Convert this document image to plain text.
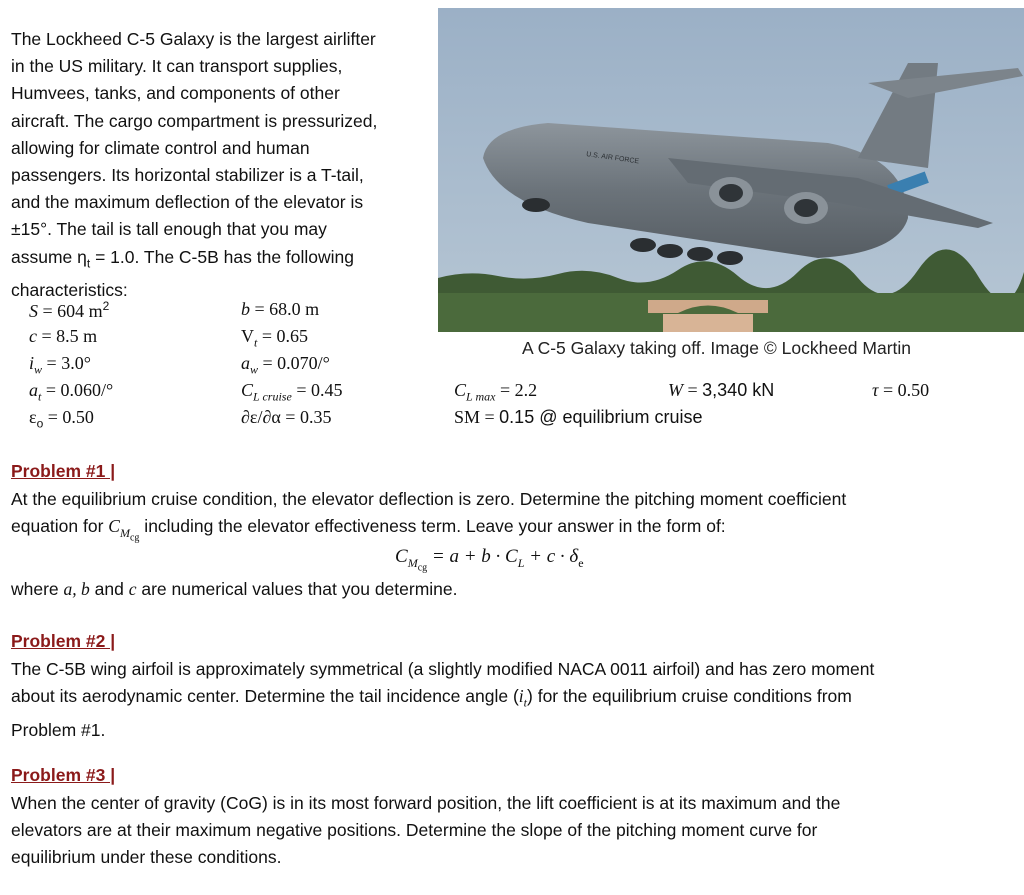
The Lockheed C-5 Galaxy is the largest airlifter
in the US military. It can transport supplies,
Humvees, tanks, and components of other
aircraft. The cargo compartment is pressurized,
allowing for climate control and human
passengers. Its horizontal stabilizer is a T-tail,
and the maximum deflection of the elevator is
±15°. The tail is tall enough that you may
assume $\eta_t = 1.0$. The C-5B has the following
characteristics:
U.S. AIR FORCE
A C-5 Galaxy taking off. Image © Lockheed Martin
S = 604 $m^2$
c = 8.5 m
$i_w = 3.0^\circ$
$a_t = 0.060/^\circ$
$\varepsilon_o = 0.50$
b = 68.0 m
$V_t = 0.65$
$a_w = 0.070/^\circ$
$C_{L cruise} = 0.45$
∂ε/∂α = 0.35
$C_{L max} = 2.2$
SM = 0.15 @ equilibrium cruise
W = 3,340 kN	τ = 0.50
Problem #1 |
At the equilibrium cruise condition, the elevator deflection is zero. Determine the pitching moment coefficient
equation for $C_{M_{cg}}$ including the elevator effectiveness term. Leave your answer in the form of:
$C_{M_{cg}} = a + b \cdot C_L + c \cdot \delta_e$
where a, b and c are numerical values that you determine.
Problem #2 |
The C-5B wing airfoil is approximately symmetrical (a slightly modified NACA 0011 airfoil) and has zero moment
about its aerodynamic center. Determine the tail incidence angle $(i_t)$ for the equilibrium cruise conditions from
Problem #1.
Problem #3 |
When the center of gravity (CoG) is in its most forward position, the lift coefficient is at its maximum and the
elevators are at their maximum negative positions. Determine the slope of the pitching moment curve for
equilibrium under these conditions.
